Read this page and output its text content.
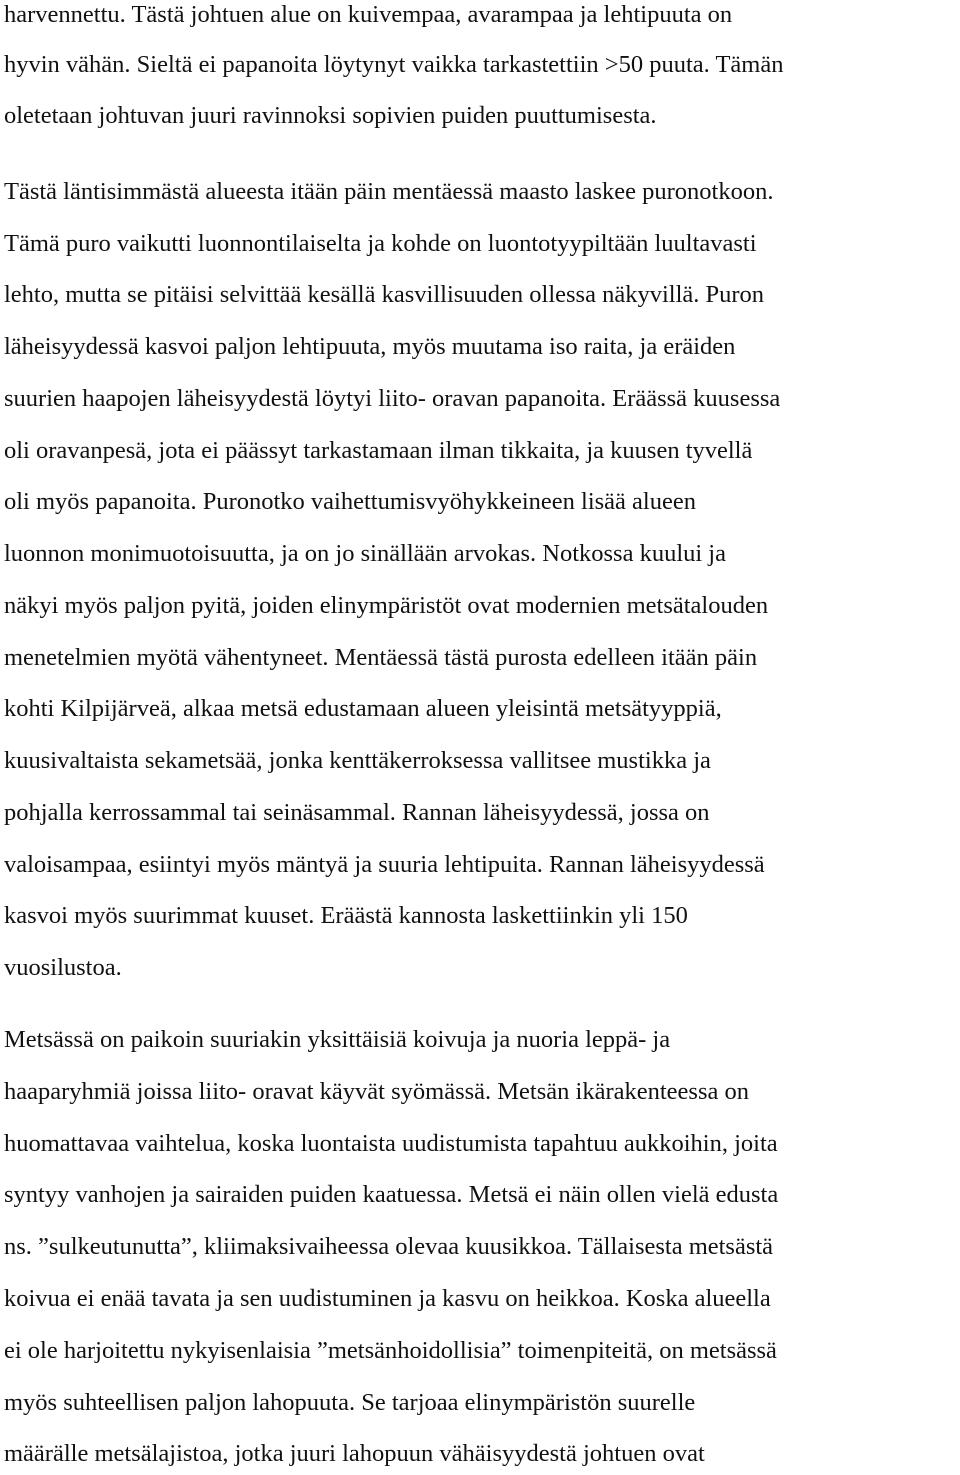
harvennettu. Tästä johtuen alue on kuivempaa, avarampaa ja lehtipuuta on

hyvin vähän. Sieltä ei papanoita löytynyt vaikka tarkastettiin >50 puuta. Tämän

oletetaan johtuvan juuri ravinnoksi sopivien puiden puuttumisesta.

Tästä läntisimmästä alueesta itään päin mentäessä maasto laskee puronotkoon.

Tämä puro vaikutti luonnontilaiselta ja kohde on luontotyypiltään luultavasti

lehto, mutta se pitäisi selvittää kesällä kasvillisuuden ollessa näkyvillä. Puron

läheisyydessä kasvoi paljon lehtipuuta, myös muutama iso raita, ja eräiden

suurien haapojen läheisyydestä löytyi liito- oravan papanoita. Eräässä kuusessa

oli oravanpesä, jota ei päässyt tarkastamaan ilman tikkaita, ja kuusen tyvellä

oli myös papanoita. Puronotko vaihettumisvyöhykkeineen lisää alueen

luonnon monimuotoisuutta, ja on jo sinällään arvokas. Notkossa kuului ja

näkyi myös paljon pyitä, joiden elinympäristöt ovat modernien metsätalouden

menetelmien myötä vähentyneet. Mentäessä tästä purosta edelleen itään päin

kohti Kilpijärveä, alkaa metsä edustamaan alueen yleisintä metsätyyppiä,

kuusivaltaista sekametsää, jonka kenttäkerroksessa vallitsee mustikka ja

pohjalla kerrossammal tai seinäsammal. Rannan läheisyydessä, jossa on

valoisampaa, esiintyi myös mäntyä ja suuria lehtipuita. Rannan läheisyydessä

kasvoi myös suurimmat kuuset. Eräästä kannosta laskettiinkin yli 150

vuosilustoa.

Metsässä on paikoin suuriakin yksittäisiä koivuja ja nuoria leppä- ja

haaparyhmiä joissa liito- oravat käyvät syömässä. Metsän ikärakenteessa on

huomattavaa vaihtelua, koska luontaista uudistumista tapahtuu aukkoihin, joita

syntyy vanhojen ja sairaiden puiden kaatuessa. Metsä ei näin ollen vielä edusta

ns. ”sulkeutunutta”, kliimaksivaiheessa olevaa kuusikkoa. Tällaisesta metsästä

koivua ei enää tavata ja sen uudistuminen ja kasvu on heikkoa. Koska alueella

ei ole harjoitettu nykyisenlaisia ”metsänhoidollisia” toimenpiteitä, on metsässä

myös suhteellisen paljon lahopuuta. Se tarjoaa elinympäristön suurelle

määrälle metsälajistoa, jotka juuri lahopuun vähäisyydestä johtuen ovat
